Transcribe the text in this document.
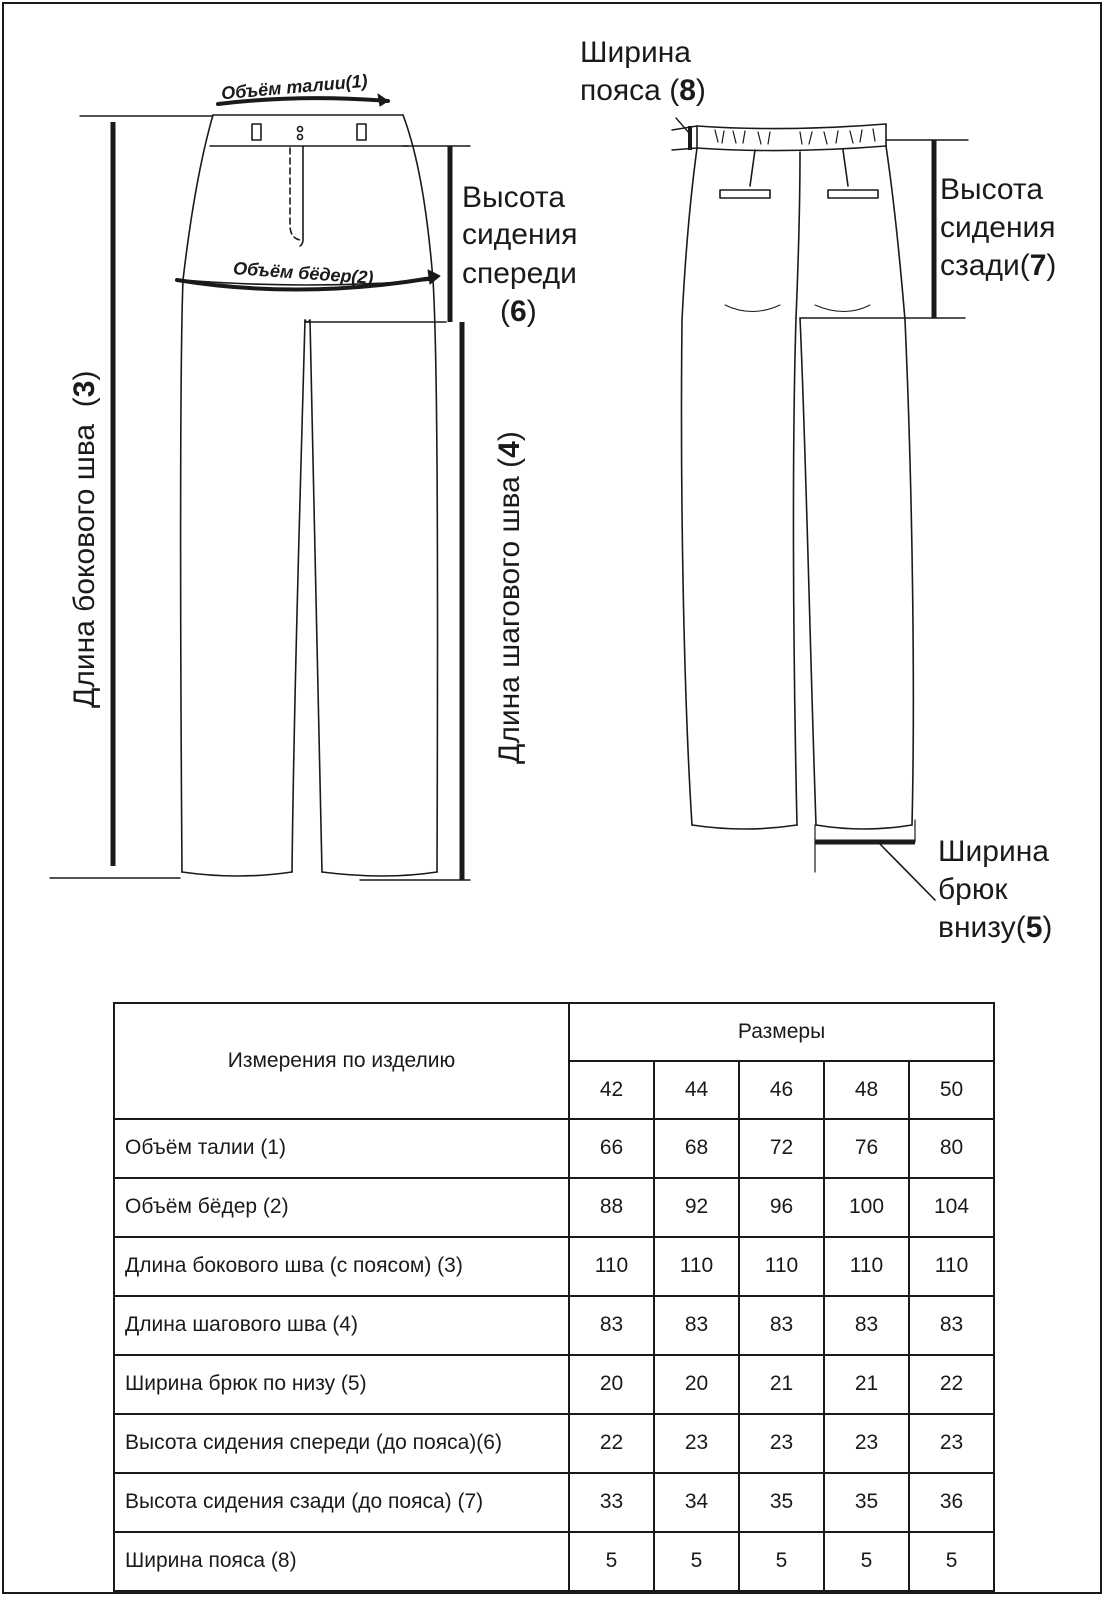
Объём талии(1)
Объём бёдер(2)
Высота
сидения
спереди
(6)
Длина бокового шва  (3)
Длина шагового шва (4)
Ширина
пояса (8)
Высота
сидения
сзади(7)
Ширина
брюк
внизу(5)
Измерения по изделию	Размеры				
	42	44	46	48	50
Объём талии (1)	66	68	72	76	80
Объём бёдер (2)	88	92	96	100	104
Длина бокового шва (с поясом) (3)	110	110	110	110	110
Длина шагового шва (4)	83	83	83	83	83
Ширина брюк по низу (5)	20	20	21	21	22
Высота сидения спереди (до пояса)(6)	22	23	23	23	23
Высота сидения сзади (до пояса) (7)	33	34	35	35	36
Ширина пояса (8)	5	5	5	5	5
